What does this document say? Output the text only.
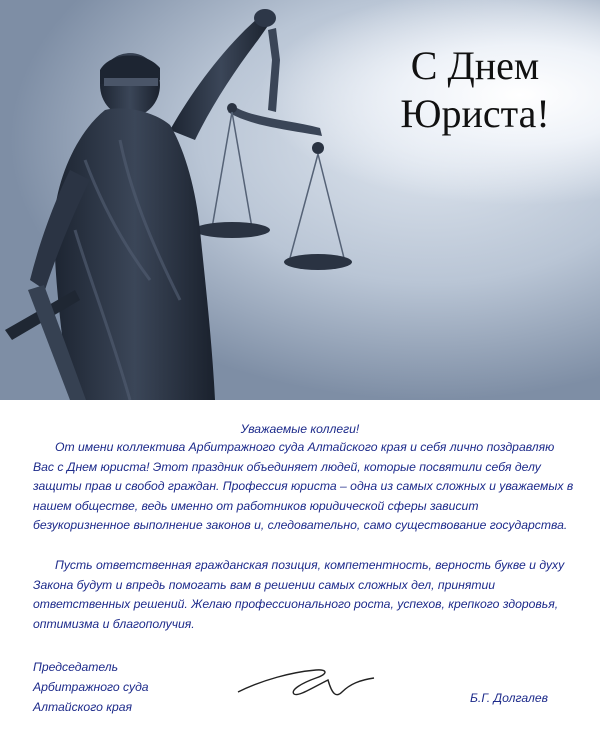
С Днем
Юриста!
Уважаемые коллеги!

От имени коллектива Арбитражного суда Алтайского края и себя лично поздравляю Вас с Днем юриста! Этот праздник объединяет людей, которые посвятили себя делу защиты прав и свобод граждан. Профессия юриста – одна из самых сложных и уважаемых в нашем обществе, ведь именно от работников юридической сферы зависит безукоризненное выполнение законов и, следовательно, само существование государства.

Пусть ответственная гражданская позиция, компетентность, верность букве и духу Закона будут и впредь помогать вам в решении самых сложных дел, принятии ответственных решений. Желаю профессионального роста, успехов, крепкого здоровья, оптимизма и благополучия.

Председатель
Арбитражного суда
Алтайского края
Б.Г. Долгалев
